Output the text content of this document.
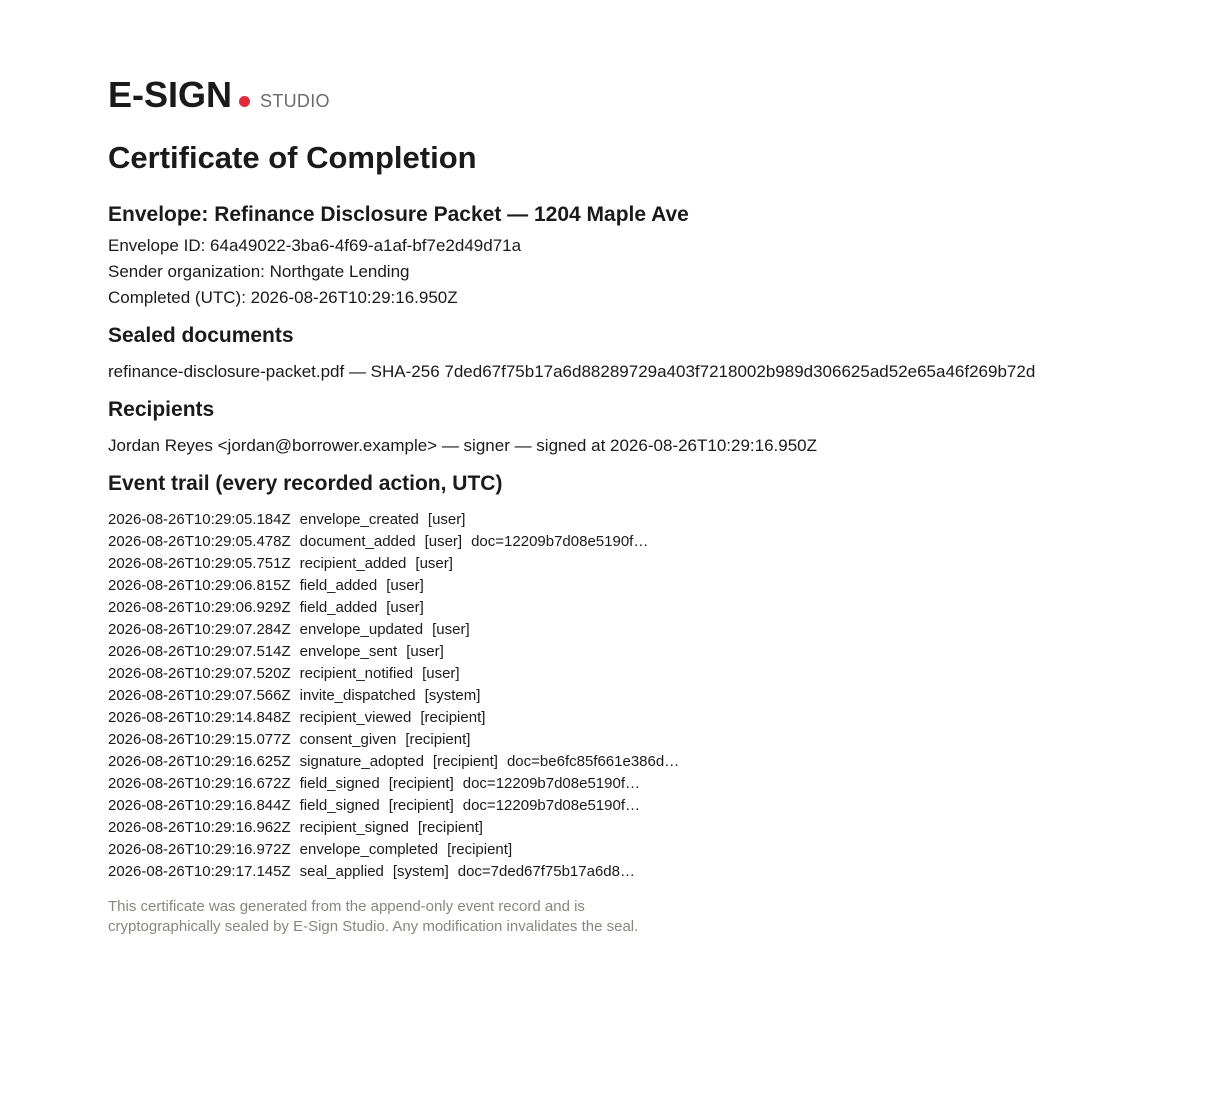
E-SIGN STUDIO
Certificate of Completion
Envelope: Refinance Disclosure Packet — 1204 Maple Ave

Envelope ID: 64a49022-3ba6-4f69-a1af-bf7e2d49d71a

Sender organization: Northgate Lending

Completed (UTC): 2026-08-26T10:29:16.950Z

Sealed documents

refinance-disclosure-packet.pdf — SHA-256 7ded67f75b17a6d88289729a403f7218002b989d306625ad52e65a46f269b72d

Recipients

Jordan Reyes <jordan@borrower.example> — signer — signed at 2026-08-26T10:29:16.950Z

Event trail (every recorded action, UTC)
2026-08-26T10:29:05.184Z envelope_created [user]
2026-08-26T10:29:05.478Z document_added [user] doc=12209b7d08e5190f…
2026-08-26T10:29:05.751Z recipient_added [user]
2026-08-26T10:29:06.815Z field_added [user]
2026-08-26T10:29:06.929Z field_added [user]
2026-08-26T10:29:07.284Z envelope_updated [user]
2026-08-26T10:29:07.514Z envelope_sent [user]
2026-08-26T10:29:07.520Z recipient_notified [user]
2026-08-26T10:29:07.566Z invite_dispatched [system]
2026-08-26T10:29:14.848Z recipient_viewed [recipient]
2026-08-26T10:29:15.077Z consent_given [recipient]
2026-08-26T10:29:16.625Z signature_adopted [recipient] doc=be6fc85f661e386d…
2026-08-26T10:29:16.672Z field_signed [recipient] doc=12209b7d08e5190f…
2026-08-26T10:29:16.844Z field_signed [recipient] doc=12209b7d08e5190f…
2026-08-26T10:29:16.962Z recipient_signed [recipient]
2026-08-26T10:29:16.972Z envelope_completed [recipient]
2026-08-26T10:29:17.145Z seal_applied [system] doc=7ded67f75b17a6d8…
This certificate was generated from the append-only event record and is
cryptographically sealed by E-Sign Studio. Any modification invalidates the seal.
